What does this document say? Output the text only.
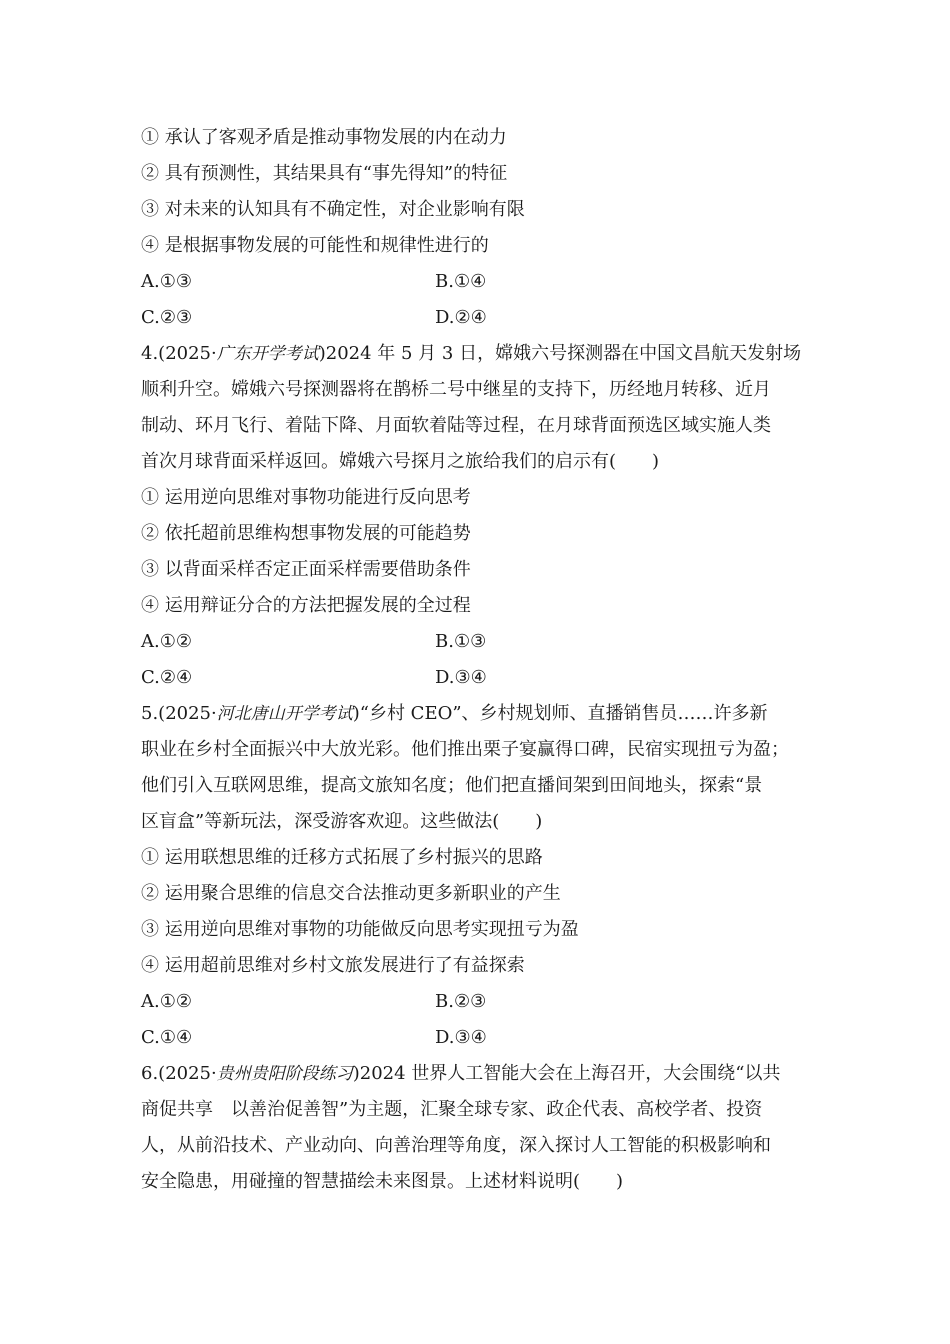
① 承认了客观矛盾是推动事物发展的内在动力
② 具有预测性，其结果具有“事先得知”的特征
③ 对未来的认知具有不确定性，对企业影响有限
④ 是根据事物发展的可能性和规律性进行的
A.①③	B.①④
C.②③	D.②④
4.(2025·广东开学考试)2024 年 5 月 3 日，嫦娥六号探测器在中国文昌航天发射场
顺利升空。嫦娥六号探测器将在鹊桥二号中继星的支持下，历经地月转移、近月
制动、环月飞行、着陆下降、月面软着陆等过程，在月球背面预选区域实施人类
首次月球背面采样返回。嫦娥六号探月之旅给我们的启示有(　　)
① 运用逆向思维对事物功能进行反向思考
② 依托超前思维构想事物发展的可能趋势
③ 以背面采样否定正面采样需要借助条件
④ 运用辩证分合的方法把握发展的全过程
A.①②	B.①③
C.②④	D.③④
5.(2025·河北唐山开学考试)“乡村 CEO”、乡村规划师、直播销售员……许多新
职业在乡村全面振兴中大放光彩。他们推出栗子宴赢得口碑，民宿实现扭亏为盈；
他们引入互联网思维，提高文旅知名度；他们把直播间架到田间地头，探索“景
区盲盒”等新玩法，深受游客欢迎。这些做法(　　)
① 运用联想思维的迁移方式拓展了乡村振兴的思路
② 运用聚合思维的信息交合法推动更多新职业的产生
③ 运用逆向思维对事物的功能做反向思考实现扭亏为盈
④ 运用超前思维对乡村文旅发展进行了有益探索
A.①②	B.②③
C.①④	D.③④
6.(2025·贵州贵阳阶段练习)2024 世界人工智能大会在上海召开，大会围绕“以共
商促共享　以善治促善智”为主题，汇聚全球专家、政企代表、高校学者、投资
人，从前沿技术、产业动向、向善治理等角度，深入探讨人工智能的积极影响和
安全隐患，用碰撞的智慧描绘未来图景。上述材料说明(　　)
